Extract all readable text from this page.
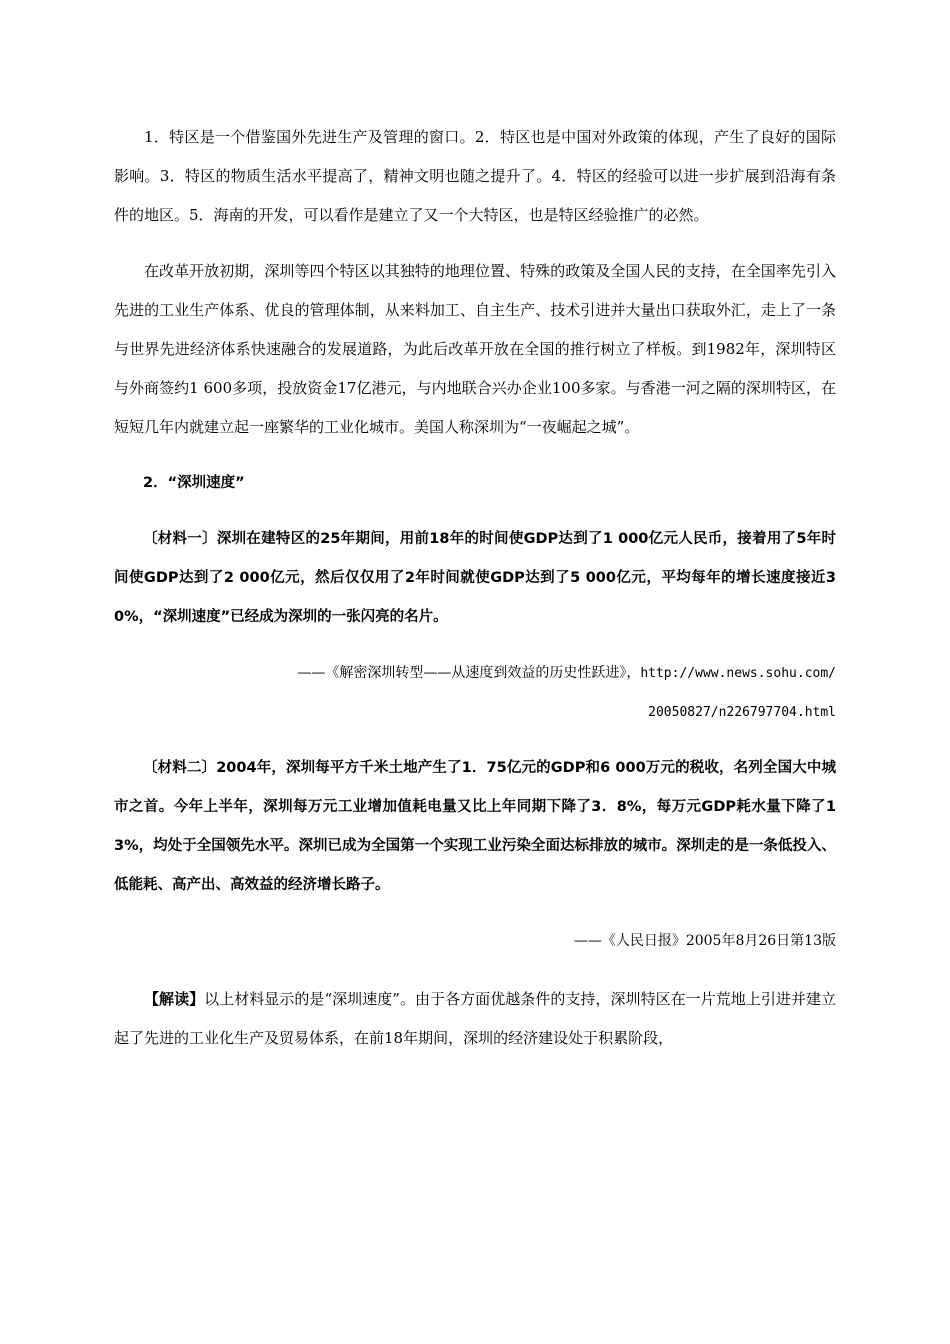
1．特区是一个借鉴国外先进生产及管理的窗口。2．特区也是中国对外政策的体现，产生了良好的国际影响。3．特区的物质生活水平提高了，精神文明也随之提升了。4．特区的经验可以进一步扩展到沿海有条件的地区。5．海南的开发，可以看作是建立了又一个大特区，也是特区经验推广的必然。

在改革开放初期，深圳等四个特区以其独特的地理位置、特殊的政策及全国人民的支持，在全国率先引入先进的工业生产体系、优良的管理体制，从来料加工、自主生产、技术引进并大量出口获取外汇，走上了一条与世界先进经济体系快速融合的发展道路，为此后改革开放在全国的推行树立了样板。到1982年，深圳特区与外商签约1 600多项，投放资金17亿港元，与内地联合兴办企业100多家。与香港一河之隔的深圳特区，在短短几年内就建立起一座繁华的工业化城市。美国人称深圳为“一夜崛起之城”。

2．“深圳速度”

〔材料一〕深圳在建特区的25年期间，用前18年的时间使GDP达到了1 000亿元人民币，接着用了5年时间使GDP达到了2 000亿元，然后仅仅用了2年时间就使GDP达到了5 000亿元，平均每年的增长速度接近30%，“深圳速度”已经成为深圳的一张闪亮的名片。

——《解密深圳转型——从速度到效益的历史性跃进》，http://www.news.sohu.com/

20050827/n226797704.html

〔材料二〕2004年，深圳每平方千米土地产生了1．75亿元的GDP和6 000万元的税收，名列全国大中城市之首。今年上半年，深圳每万元工业增加值耗电量又比上年同期下降了3．8%，每万元GDP耗水量下降了13%，均处于全国领先水平。深圳已成为全国第一个实现工业污染全面达标排放的城市。深圳走的是一条低投入、低能耗、高产出、高效益的经济增长路子。

——《人民日报》2005年8月26日第13版

【解读】以上材料显示的是“深圳速度”。由于各方面优越条件的支持，深圳特区在一片荒地上引进并建立起了先进的工业化生产及贸易体系，在前18年期间，深圳的经济建设处于积累阶段，
